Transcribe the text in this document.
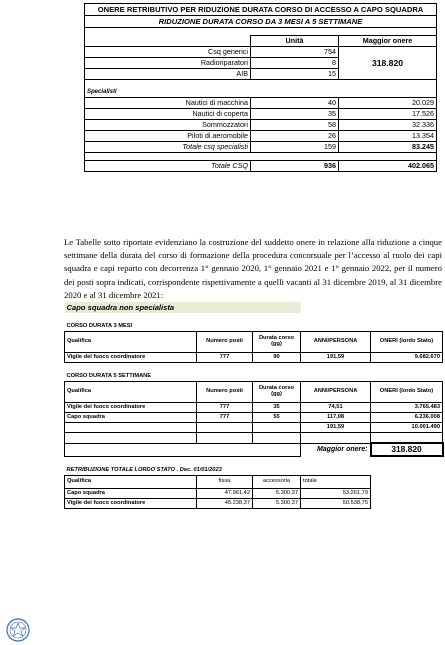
ONERE RETRIBUTIVO PER RIDUZIONE DURATA CORSO DI ACCESSO A CAPO SQUADRA		
RIDUZIONE DURATA CORSO DA 3 MESI A 5 SETTIMANE		

	Unità	Maggior onere
Csq generici	754	318.820
Radioriparatori	8	
AIB	15	

Specialisti		
Nautici di macchina	40	20.029
Nautici di coperta	35	17.526
Sommozzatori	58	32.336
Piloti di aeromobile	26	13.354
Totale csq specialisti	159	83.245

Totale CSQ	936	402.065

Le Tabelle sotto riportate evidenziano la costruzione del suddetto onere in relazione alla riduzione a cinque settimane della durata del corso di formazione della procedura concorsuale per l’accesso al ruolo dei capi squadra e capi reparto con decorrenza 1° gennaio 2020, 1° gennaio 2021 e 1° gennaio 2022, per il numero dei posti sopra indicati, corrispondente rispettivamente a quelli vacanti al 31 dicembre 2019, al 31 dicembre 2020 e al 31 dicembre 2021:

Capo squadra non specialista				

CORSO DURATA 3 MESI				
Qualifica	Numero posti	Durata corso (gg)	ANNI/PERSONA	ONERI (lordo Stato)
Vigile del fuoco coordinatore	777	90	191,59	9.682.670

CORSO DURATA 5 SETTIMANE				
Qualifica	Numero posti	Durata corso (gg)	ANNI/PERSONA	ONERI (lordo Stato)
Vigile del fuoco coordinatore	777	35	74,51	3.765.483
Capo squadra	777	55	117,08	6.236.008
			191,59	10.001.490

			Maggior onere:	318.820

RETRIBUZIONE TOTALE LORDO STATO . Dec. 01/01/2023				
Qualifica	fissa	accessoria	totale	
Capo squadra	47.961,42	5.300,37	53.261,79	
Vigile del fuoco coordinatore	45.238,37	5.300,37	50.538,75	
